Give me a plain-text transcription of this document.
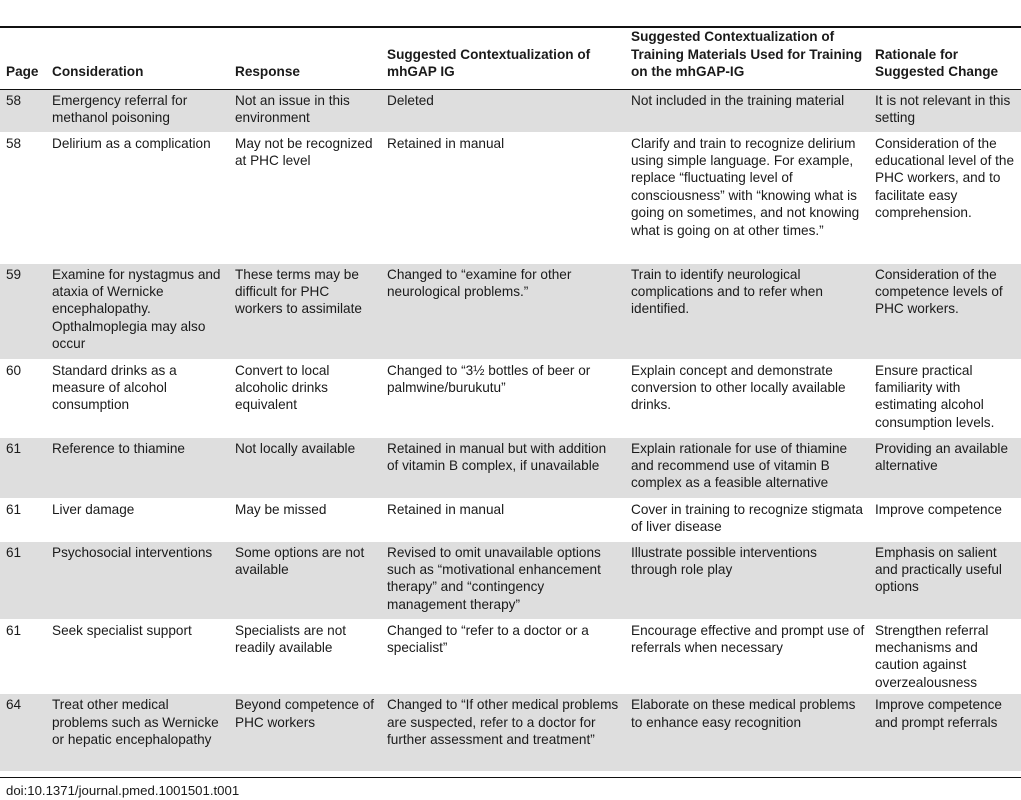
Page	Consideration	Response	Suggested Contextualization of mhGAP IG	Suggested Contextualization of Training Materials Used for Training on the mhGAP-IG	Rationale for Suggested Change
58	Emergency referral for methanol poisoning	Not an issue in this environment	Deleted	Not included in the training material	It is not relevant in this setting
58	Delirium as a complication	May not be recognized at PHC level	Retained in manual	Clarify and train to recognize delirium using simple language. For example, replace “fluctuating level of consciousness” with “knowing what is going on sometimes, and not knowing what is going on at other times.”	Consideration of the educational level of the PHC workers, and to facilitate easy comprehension.
59	Examine for nystagmus and ataxia of Wernicke encephalopathy. Opthalmoplegia may also occur	These terms may be difficult for PHC workers to assimilate	Changed to “examine for other neurological problems.”	Train to identify neurological complications and to refer when identified.	Consideration of the competence levels of PHC workers.
60	Standard drinks as a measure of alcohol consumption	Convert to local alcoholic drinks equivalent	Changed to “3½ bottles of beer or palmwine/burukutu”	Explain concept and demonstrate conversion to other locally available drinks.	Ensure practical familiarity with estimating alcohol consumption levels.
61	Reference to thiamine	Not locally available	Retained in manual but with addition of vitamin B complex, if unavailable	Explain rationale for use of thiamine and recommend use of vitamin B complex as a feasible alternative	Providing an available alternative
61	Liver damage	May be missed	Retained in manual	Cover in training to recognize stigmata of liver disease	Improve competence
61	Psychosocial interventions	Some options are not available	Revised to omit unavailable options such as “motivational enhancement therapy” and “contingency management therapy”	Illustrate possible interventions through role play	Emphasis on salient and practically useful options
61	Seek specialist support	Specialists are not readily available	Changed to “refer to a doctor or a specialist”	Encourage effective and prompt use of referrals when necessary	Strengthen referral mechanisms and caution against overzealousness
64	Treat other medical problems such as Wernicke or hepatic encephalopathy	Beyond competence of PHC workers	Changed to “If other medical problems are suspected, refer to a doctor for further assessment and treatment”	Elaborate on these medical problems to enhance easy recognition	Improve competence and prompt referrals
doi:10.1371/journal.pmed.1001501.t001
